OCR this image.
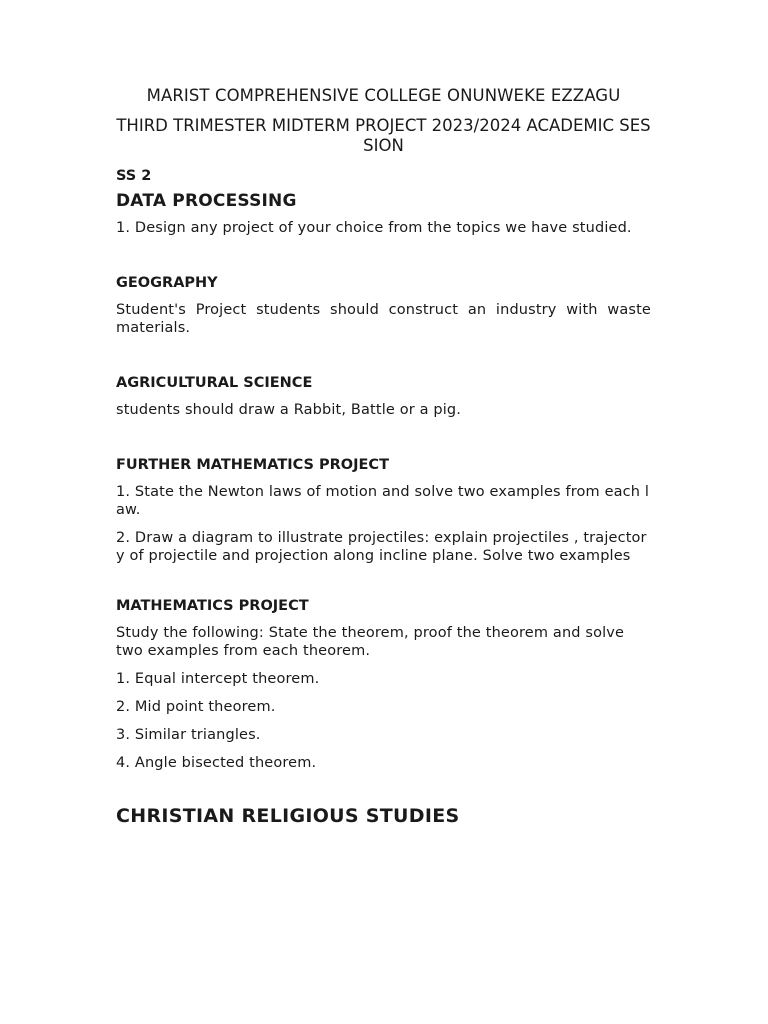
MARIST COMPREHENSIVE COLLEGE ONUNWEKE EZZAGU
THIRD TRIMESTER MIDTERM PROJECT 2023/2024 ACADEMIC SESSION
SS 2
DATA PROCESSING
1. Design any project of your choice from the topics we have studied.
GEOGRAPHY
Student's Project students should construct an industry with waste materials.
AGRICULTURAL SCIENCE
students should draw a Rabbit, Battle or a pig.
FURTHER MATHEMATICS PROJECT
1. State the Newton laws of motion and solve two examples from each law.
2. Draw a diagram to illustrate projectiles: explain projectiles , trajectory of projectile and projection along incline plane. Solve two examples
MATHEMATICS PROJECT
Study the following: State the theorem, proof the theorem and solve two examples from each theorem.
1. Equal intercept theorem.
2. Mid point theorem.
3. Similar triangles.
4. Angle bisected theorem.
CHRISTIAN RELIGIOUS STUDIES
